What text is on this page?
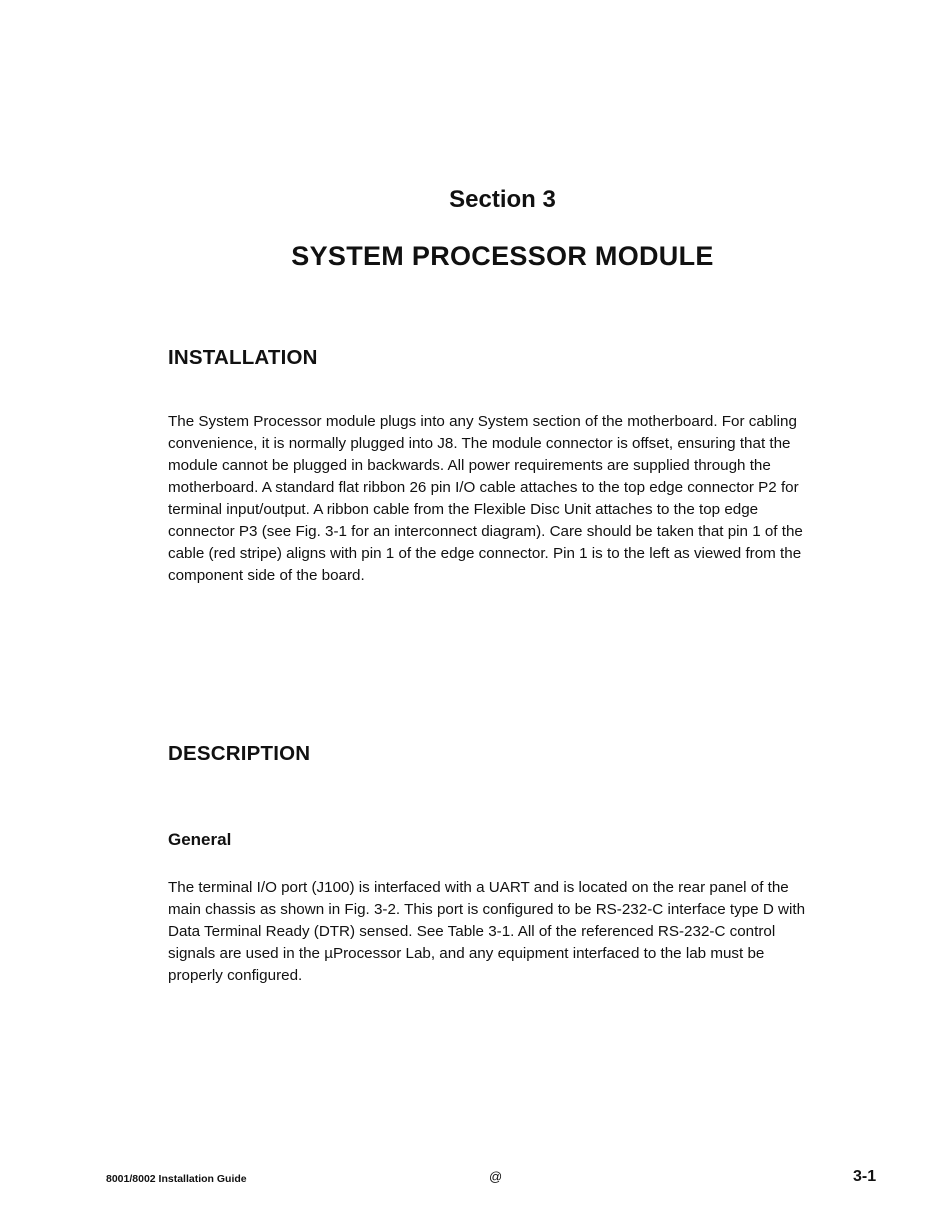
Section 3
SYSTEM PROCESSOR MODULE
INSTALLATION
The System Processor module plugs into any System section of the motherboard. For cabling convenience, it is normally plugged into J8. The module connector is offset, ensuring that the module cannot be plugged in backwards. All power requirements are supplied through the motherboard. A standard flat ribbon 26 pin I/O cable attaches to the top edge connector P2 for terminal input/output. A ribbon cable from the Flexible Disc Unit attaches to the top edge connector P3 (see Fig. 3-1 for an interconnect diagram). Care should be taken that pin 1 of the cable (red stripe) aligns with pin 1 of the edge connector. Pin 1 is to the left as viewed from the component side of the board.
DESCRIPTION
General
The terminal I/O port (J100) is interfaced with a UART and is located on the rear panel of the main chassis as shown in Fig. 3-2. This port is configured to be RS-232-C interface type D with Data Terminal Ready (DTR) sensed. See Table 3-1. All of the referenced RS-232-C control signals are used in the µProcessor Lab, and any equipment interfaced to the lab must be properly configured.
8001/8002 Installation Guide	@	3-1
